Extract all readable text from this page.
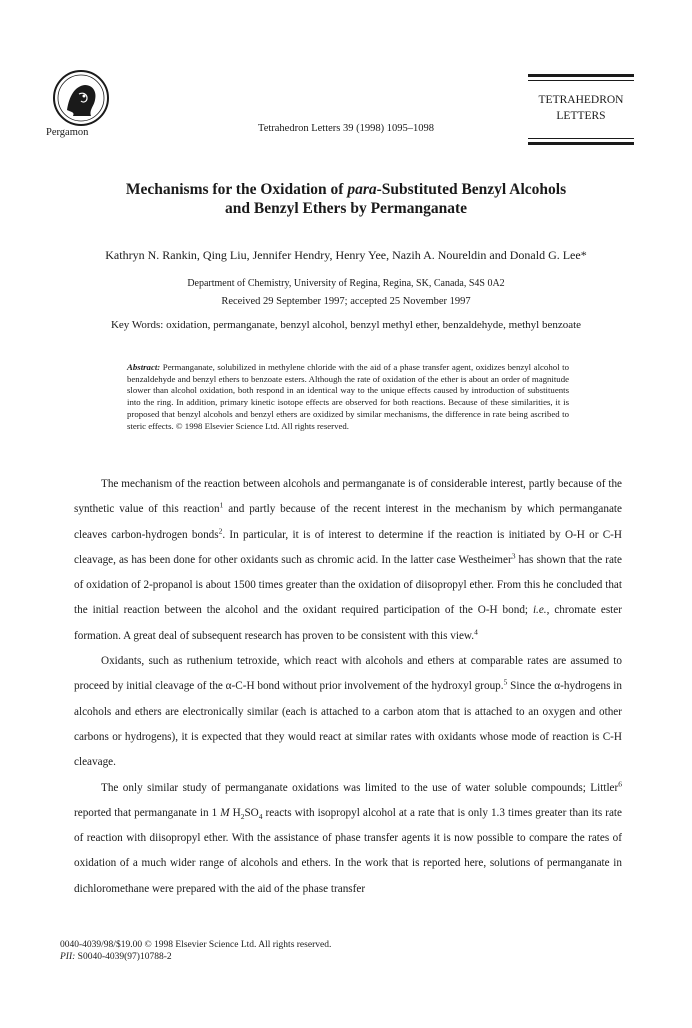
Pergamon	Tetrahedron Letters 39 (1998) 1095–1098
TETRAHEDRON
LETTERS
Mechanisms for the Oxidation of para-Substituted Benzyl Alcohols
and Benzyl Ethers by Permanganate
Kathryn N. Rankin, Qing Liu, Jennifer Hendry, Henry Yee, Nazih A. Noureldin and Donald G. Lee*
Department of Chemistry, University of Regina, Regina, SK, Canada, S4S 0A2
Received 29 September 1997; accepted 25 November 1997
Key Words: oxidation, permanganate, benzyl alcohol, benzyl methyl ether, benzaldehyde, methyl benzoate
Abstract: Permanganate, solubilized in methylene chloride with the aid of a phase transfer agent, oxidizes benzyl alcohol to benzaldehyde and benzyl ethers to benzoate esters. Although the rate of oxidation of the ether is about an order of magnitude slower than alcohol oxidation, both respond in an identical way to the unique effects caused by introduction of substituents into the ring. In addition, primary kinetic isotope effects are observed for both reactions. Because of these similarities, it is proposed that benzyl alcohols and benzyl ethers are oxidized by similar mechanisms, the difference in rate being ascribed to steric effects. © 1998 Elsevier Science Ltd. All rights reserved.

The mechanism of the reaction between alcohols and permanganate is of considerable interest, partly because of the synthetic value of this reaction$^1$ and partly because of the recent interest in the mechanism by which permanganate cleaves carbon-hydrogen bonds$^2$. In particular, it is of interest to determine if the reaction is initiated by O-H or C-H cleavage, as has been done for other oxidants such as chromic acid. In the latter case Westheimer$^3$ has shown that the rate of oxidation of 2-propanol is about 1500 times greater than the oxidation of diisopropyl ether. From this he concluded that the initial reaction between the alcohol and the oxidant required participation of the O-H bond; i.e., chromate ester formation. A great deal of subsequent research has proven to be consistent with this view.$^4$

Oxidants, such as ruthenium tetroxide, which react with alcohols and ethers at comparable rates are assumed to proceed by initial cleavage of the α-C-H bond without prior involvement of the hydroxyl group.$^5$ Since the α-hydrogens in alcohols and ethers are electronically similar (each is attached to a carbon atom that is attached to an oxygen and other carbons or hydrogens), it is expected that they would react at similar rates with oxidants whose mode of reaction is C-H cleavage.

The only similar study of permanganate oxidations was limited to the use of water soluble compounds; Littler$^6$ reported that permanganate in 1 M $H_2SO_4$ reacts with isopropyl alcohol at a rate that is only 1.3 times greater than its rate of reaction with diisopropyl ether. With the assistance of phase transfer agents it is now possible to compare the rates of oxidation of a much wider range of alcohols and ethers. In the work that is reported here, solutions of permanganate in dichloromethane were prepared with the aid of the phase transfer

0040-4039/98/$19.00 © 1998 Elsevier Science Ltd. All rights reserved.
PII: S0040-4039(97)10788-2
